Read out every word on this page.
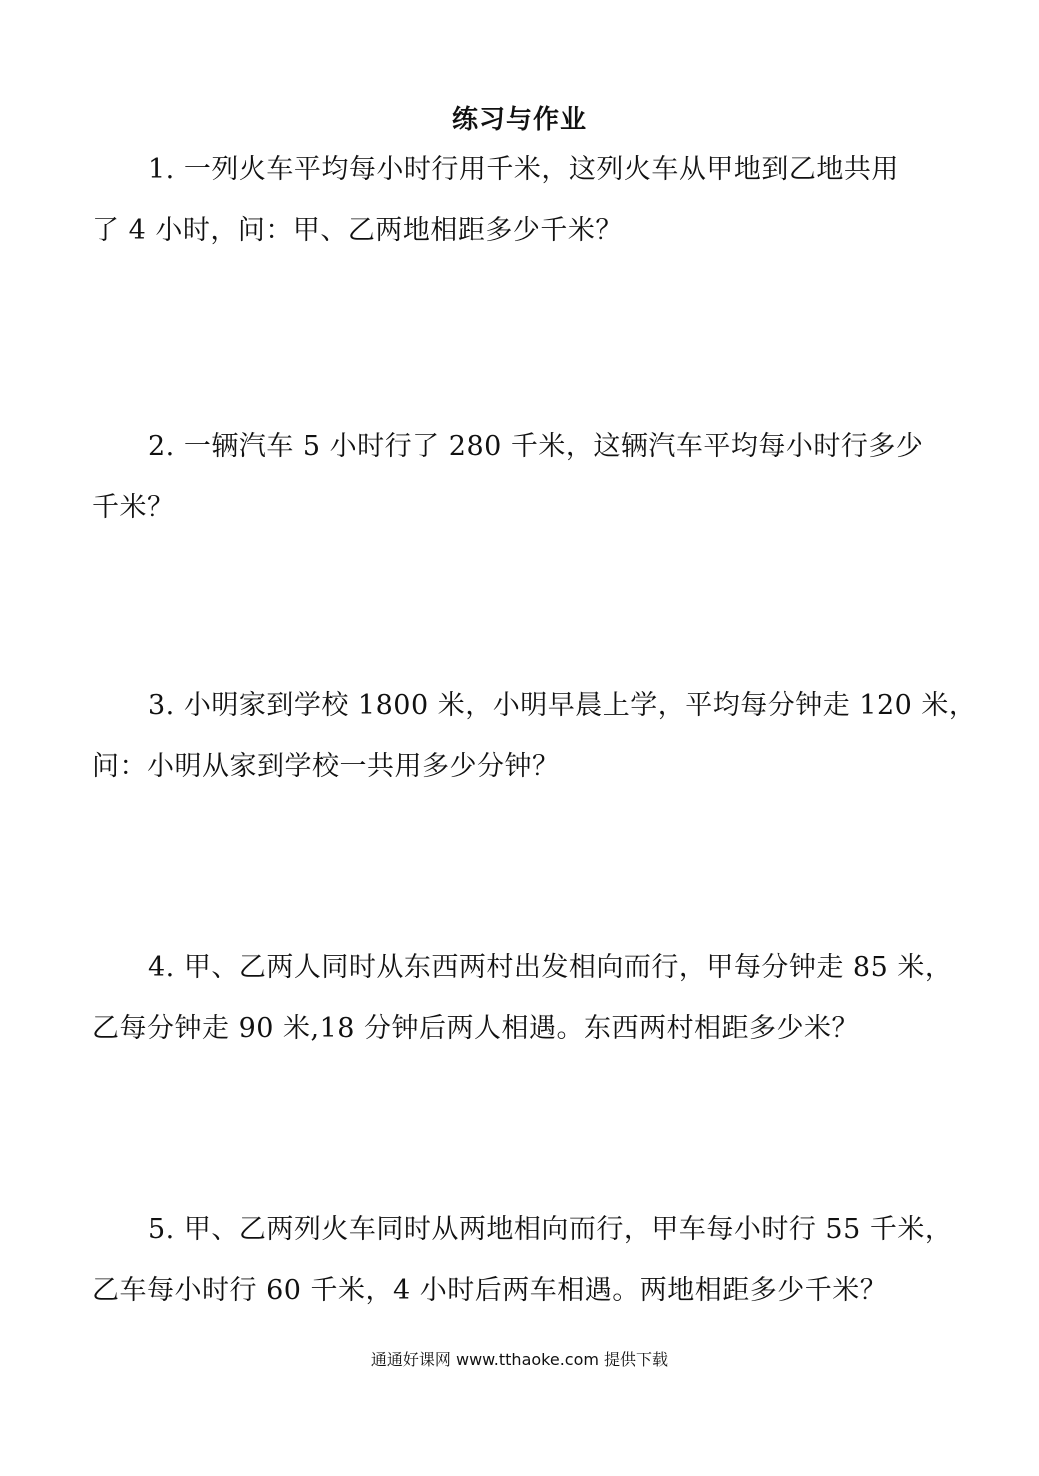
练习与作业
1. 一列火车平均每小时行用千米，这列火车从甲地到乙地共用
了 4 小时，问：甲、乙两地相距多少千米？
2. 一辆汽车 5 小时行了 280 千米，这辆汽车平均每小时行多少
千米？
3. 小明家到学校 1800 米，小明早晨上学，平均每分钟走 120 米，
问：小明从家到学校一共用多少分钟？
4. 甲、乙两人同时从东西两村出发相向而行，甲每分钟走 85 米，
乙每分钟走 90 米,18 分钟后两人相遇。东西两村相距多少米？
5. 甲、乙两列火车同时从两地相向而行，甲车每小时行 55 千米，
乙车每小时行 60 千米，4 小时后两车相遇。两地相距多少千米？
通通好课网 www.tthaoke.com 提供下载
